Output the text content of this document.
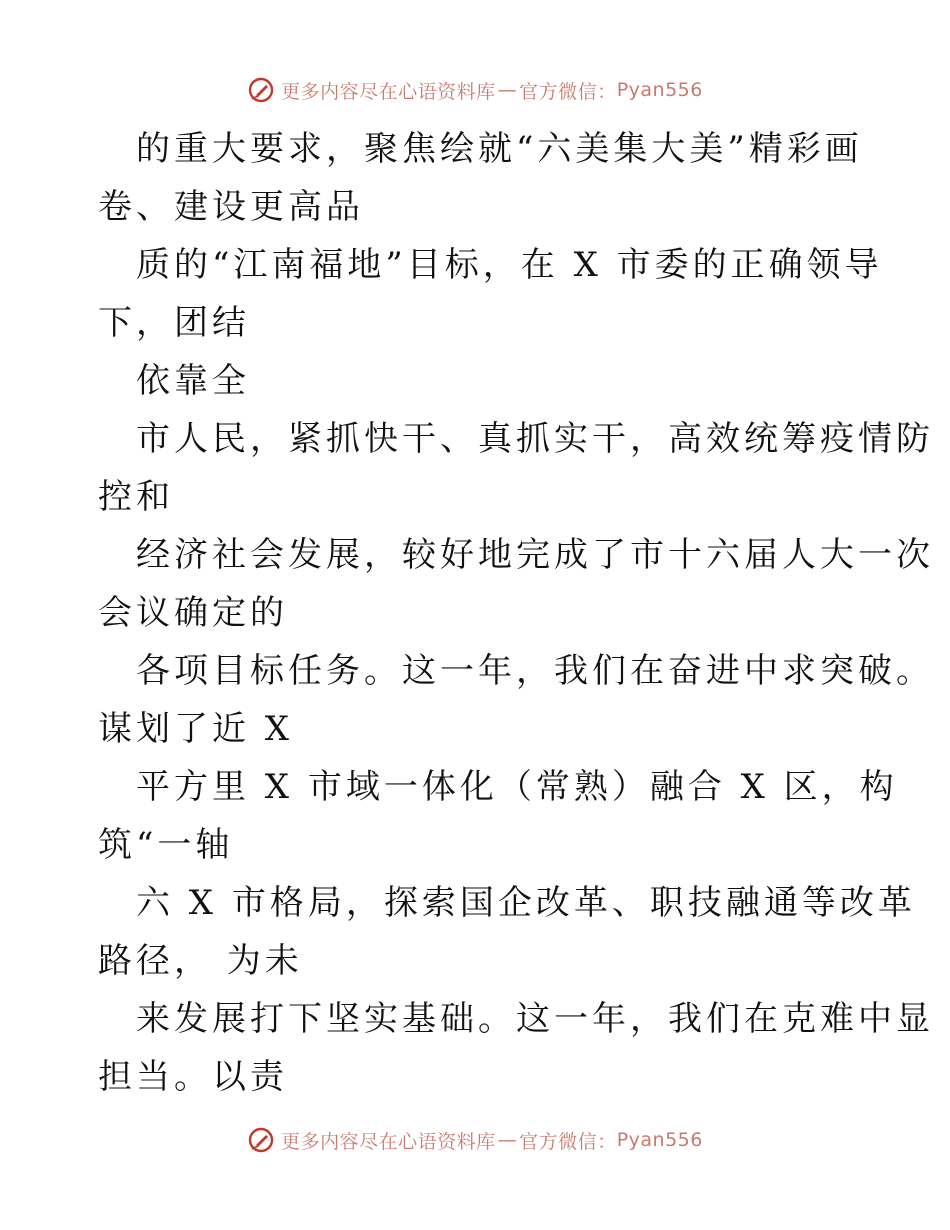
更多内容尽在心语资料库 — 官方微信： Pyan556
的重大要求，聚焦绘就“六美集大美”精彩画
卷、建设更高品
质的“江南福地”目标，在 X 市委的正确领导
下，团结
依靠全
市人民，紧抓快干、真抓实干，高效统筹疫情防
控和
经济社会发展，较好地完成了市十六届人大一次
会议确定的
各项目标任务。这一年，我们在奋进中求突破。
谋划了近 X
平方里 X 市域一体化（常熟）融合 X 区，构
筑“一轴
六 X 市格局，探索国企改革、职技融通等改革
路径， 为未
来发展打下坚实基础。这一年，我们在克难中显
担当。以责
更多内容尽在心语资料库 — 官方微信： Pyan556
